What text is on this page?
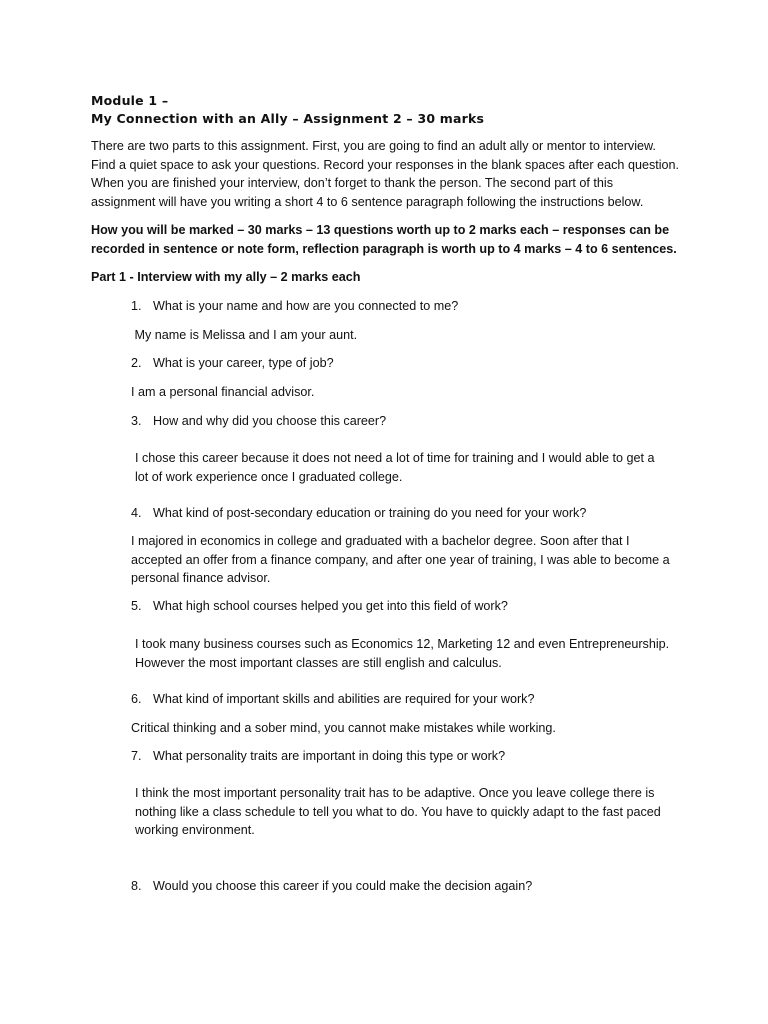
Module 1 –
My Connection with an Ally – Assignment 2 – 30 marks
There are two parts to this assignment. First, you are going to find an adult ally or mentor to interview.
Find a quiet space to ask your questions. Record your responses in the blank spaces after each question.
When you are finished your interview, don’t forget to thank the person. The second part of this
assignment will have you writing a short 4 to 6 sentence paragraph following the instructions below.
How you will be marked – 30 marks – 13 questions worth up to 2 marks each – responses can be
recorded in sentence or note form, reflection paragraph is worth up to 4 marks – 4 to 6 sentences.
Part 1 - Interview with my ally – 2 marks each
1. What is your name and how are you connected to me?
My name is Melissa and I am your aunt.
2. What is your career, type of job?
I am a personal financial advisor.
3. How and why did you choose this career?
I chose this career because it does not need a lot of time for training and I would able to get a
lot of work experience once I graduated college.
4. What kind of post-secondary education or training do you need for your work?
I majored in economics in college and graduated with a bachelor degree. Soon after that I
accepted an offer from a finance company, and after one year of training, I was able to become a
personal finance advisor.
5. What high school courses helped you get into this field of work?
I took many business courses such as Economics 12, Marketing 12 and even Entrepreneurship.
However the most important classes are still english and calculus.
6. What kind of important skills and abilities are required for your work?
Critical thinking and a sober mind, you cannot make mistakes while working.
7. What personality traits are important in doing this type or work?
I think the most important personality trait has to be adaptive. Once you leave college there is
nothing like a class schedule to tell you what to do. You have to quickly adapt to the fast paced
working environment.
8. Would you choose this career if you could make the decision again?
